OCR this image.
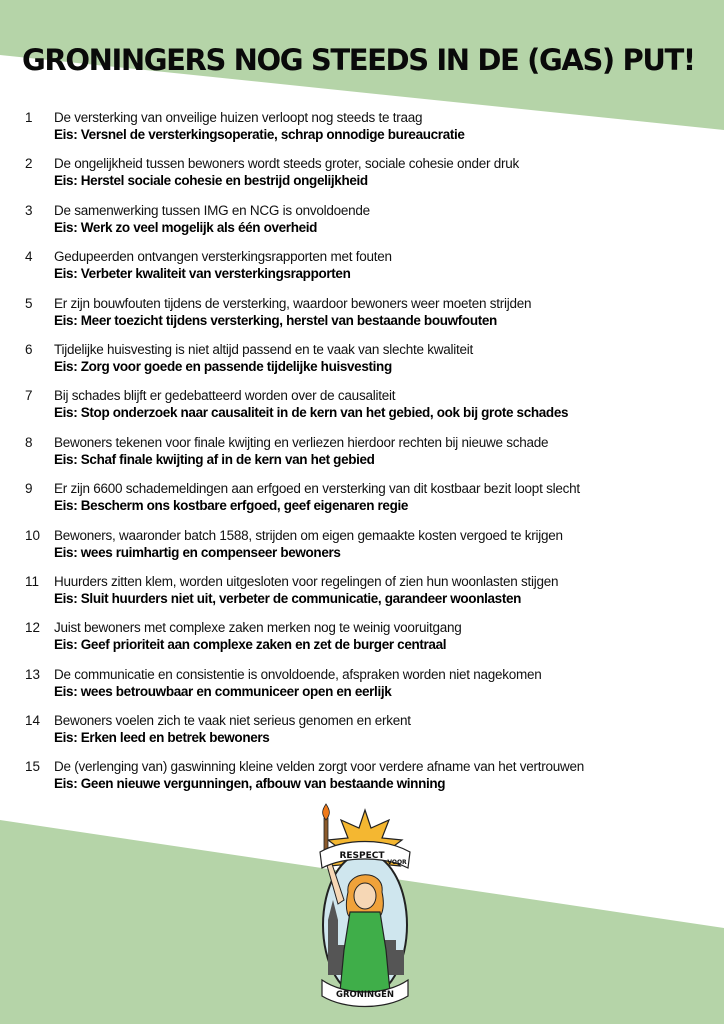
GRONINGERS NOG STEEDS IN DE (GAS) PUT!
1	De versterking van onveilige huizen verloopt nog steeds te traag
Eis: Versnel de versterkingsoperatie, schrap onnodige bureaucratie
2	De ongelijkheid tussen bewoners wordt steeds groter, sociale cohesie onder druk
Eis: Herstel sociale cohesie en bestrijd ongelijkheid
3	De samenwerking tussen IMG en NCG is onvoldoende
Eis: Werk zo veel mogelijk als één overheid
4	Gedupeerden ontvangen versterkingsrapporten met fouten
Eis: Verbeter kwaliteit van versterkingsrapporten
5	Er zijn bouwfouten tijdens de versterking, waardoor bewoners weer moeten strijden
Eis: Meer toezicht tijdens versterking, herstel van bestaande bouwfouten
6	Tijdelijke huisvesting is niet altijd passend en te vaak van slechte kwaliteit
Eis: Zorg voor goede en passende tijdelijke huisvesting
7	Bij schades blijft er gedebatteerd worden over de causaliteit
Eis: Stop onderzoek naar causaliteit in de kern van het gebied, ook bij grote schades
8	Bewoners tekenen voor finale kwijting en verliezen hierdoor rechten bij nieuwe schade
Eis: Schaf finale kwijting af in de kern van het gebied
9	Er zijn 6600 schademeldingen aan erfgoed en versterking van dit kostbaar bezit loopt slecht
Eis: Bescherm ons kostbare erfgoed, geef eigenaren regie
10	Bewoners, waaronder batch 1588, strijden om eigen gemaakte kosten vergoed te krijgen
Eis: wees ruimhartig en compenseer bewoners
11	Huurders zitten klem, worden uitgesloten voor regelingen of zien hun woonlasten stijgen
Eis: Sluit huurders niet uit, verbeter de communicatie, garandeer woonlasten
12	Juist bewoners met complexe zaken merken nog te weinig vooruitgang
Eis: Geef prioriteit aan complexe zaken en zet de burger centraal
13	De communicatie en consistentie is onvoldoende, afspraken worden niet nagekomen
Eis: wees betrouwbaar en communiceer open en eerlijk
14	Bewoners voelen zich te vaak niet serieus genomen en erkent
Eis: Erken leed en betrek bewoners
15	De (verlenging van) gaswinning kleine velden zorgt voor verdere afname van het vertrouwen
Eis: Geen nieuwe vergunningen, afbouw van bestaande winning
RESPECT
VOOR
GRONINGEN
